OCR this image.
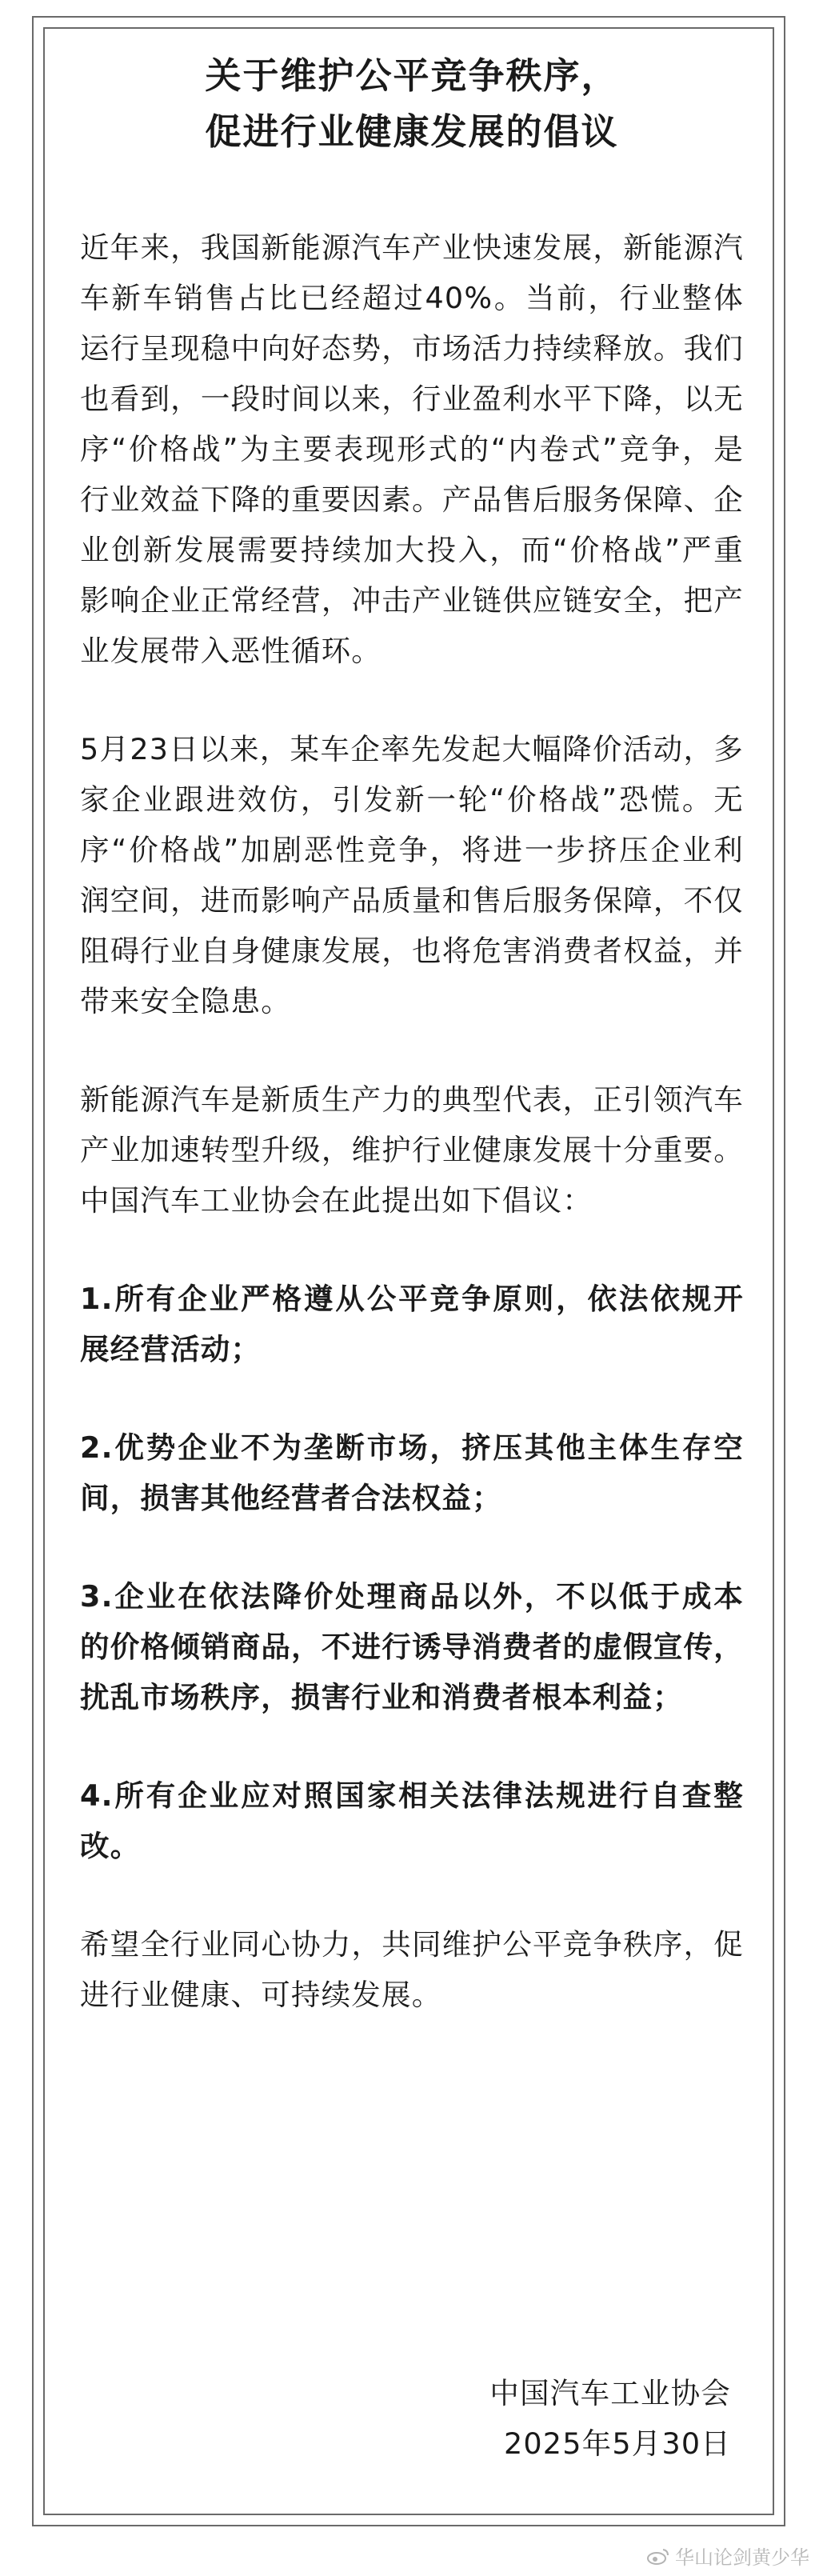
关于维护公平竞争秩序，
促进行业健康发展的倡议

近年来，我国新能源汽车产业快速发展，新能源汽车新车销售占比已经超过40%。当前，行业整体运行呈现稳中向好态势，市场活力持续释放。我们也看到，一段时间以来，行业盈利水平下降，以无序“价格战”为主要表现形式的“内卷式”竞争，是行业效益下降的重要因素。产品售后服务保障、企业创新发展需要持续加大投入，而“价格战”严重影响企业正常经营，冲击产业链供应链安全，把产业发展带入恶性循环。

5月23日以来，某车企率先发起大幅降价活动，多家企业跟进效仿，引发新一轮“价格战”恐慌。无序“价格战”加剧恶性竞争，将进一步挤压企业利润空间，进而影响产品质量和售后服务保障，不仅阻碍行业自身健康发展，也将危害消费者权益，并带来安全隐患。

新能源汽车是新质生产力的典型代表，正引领汽车产业加速转型升级，维护行业健康发展十分重要。中国汽车工业协会在此提出如下倡议：

1.所有企业严格遵从公平竞争原则，依法依规开展经营活动；

2.优势企业不为垄断市场，挤压其他主体生存空间，损害其他经营者合法权益；

3.企业在依法降价处理商品以外，不以低于成本的价格倾销商品，不进行诱导消费者的虚假宣传，扰乱市场秩序，损害行业和消费者根本利益；

4.所有企业应对照国家相关法律法规进行自查整改。

希望全行业同心协力，共同维护公平竞争秩序，促进行业健康、可持续发展。

中国汽车工业协会
2025年5月30日
华山论剑黄少华
